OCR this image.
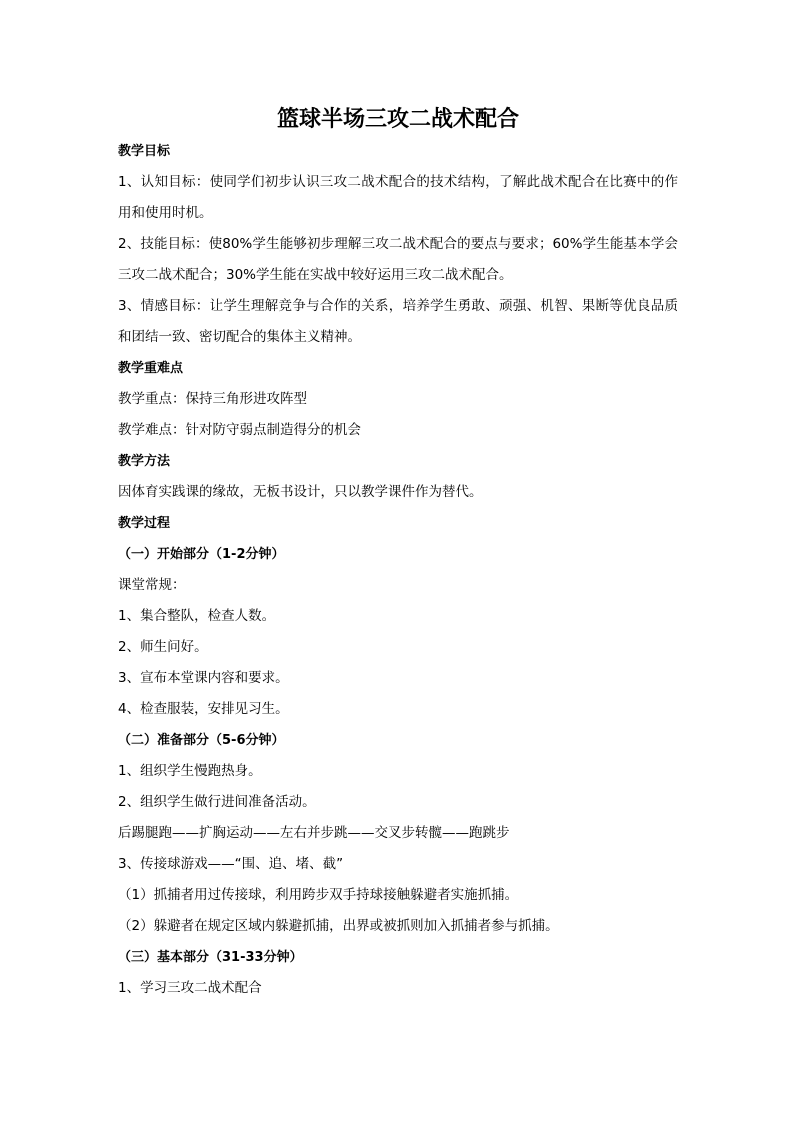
篮球半场三攻二战术配合

教学目标

1、认知目标：使同学们初步认识三攻二战术配合的技术结构，了解此战术配合在比赛中的作用和使用时机。

2、技能目标：使80%学生能够初步理解三攻二战术配合的要点与要求；60%学生能基本学会三攻二战术配合；30%学生能在实战中较好运用三攻二战术配合。

3、情感目标：让学生理解竞争与合作的关系，培养学生勇敢、顽强、机智、果断等优良品质和团结一致、密切配合的集体主义精神。

教学重难点

教学重点：保持三角形进攻阵型

教学难点：针对防守弱点制造得分的机会

教学方法

因体育实践课的缘故，无板书设计，只以教学课件作为替代。

教学过程

（一）开始部分（1-2分钟）

课堂常规：

1、集合整队，检查人数。

2、师生问好。

3、宣布本堂课内容和要求。

4、检查服装，安排见习生。

（二）准备部分（5-6分钟）

1、组织学生慢跑热身。

2、组织学生做行进间准备活动。

后踢腿跑——扩胸运动——左右并步跳——交叉步转髋——跑跳步

3、传接球游戏——“围、追、堵、截”

（1）抓捕者用过传接球，利用跨步双手持球接触躲避者实施抓捕。

（2）躲避者在规定区域内躲避抓捕，出界或被抓则加入抓捕者参与抓捕。

（三）基本部分（31-33分钟）

1、学习三攻二战术配合
